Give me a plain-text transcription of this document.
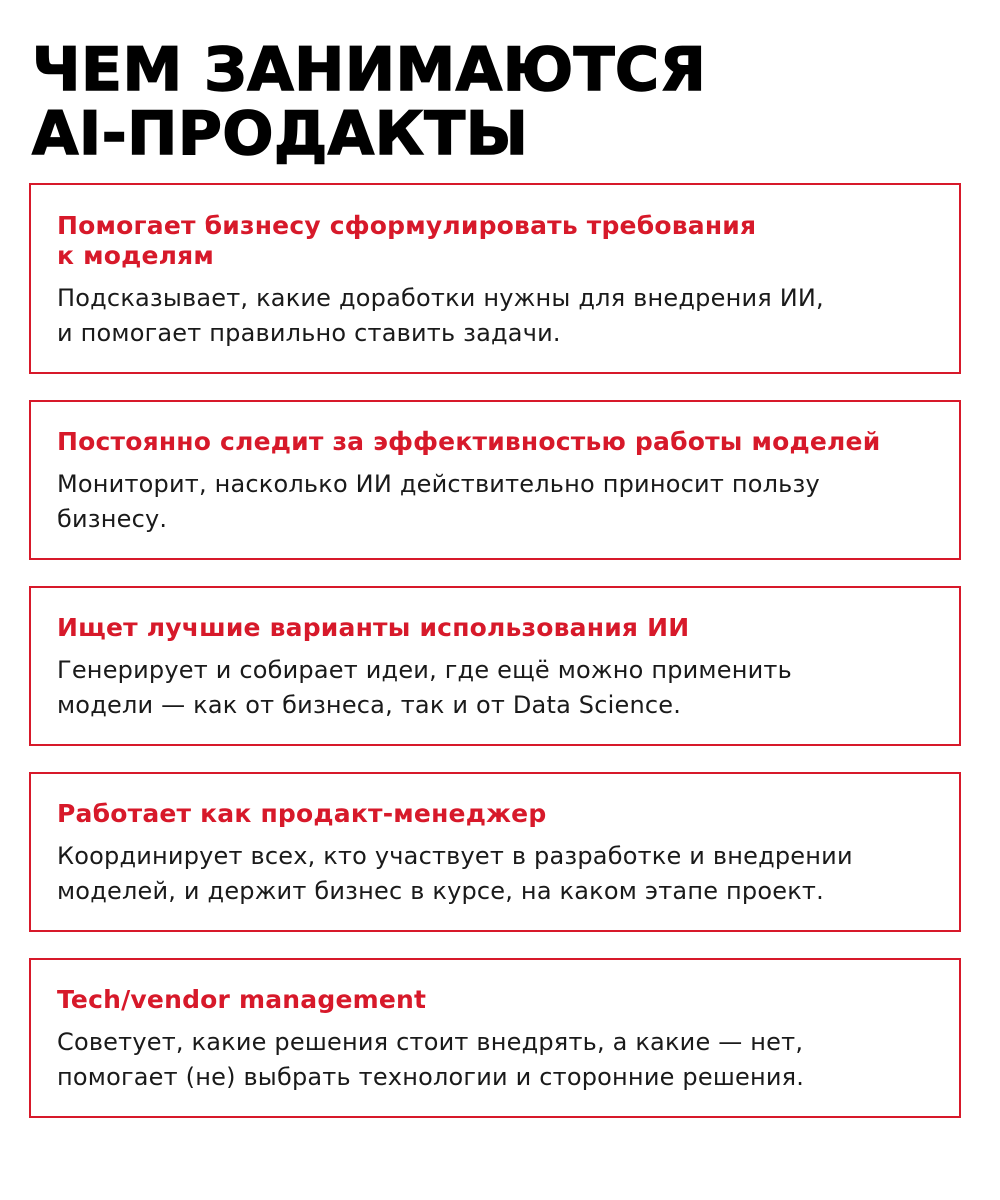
ЧЕМ ЗАНИМАЮТСЯ
AI-ПРОДАКТЫ

Помогает бизнесу сформулировать требования
к моделям

Подсказывает, какие доработки нужны для внедрения ИИ,
и помогает правильно ставить задачи.

Постоянно следит за эффективностью работы моделей

Мониторит, насколько ИИ действительно приносит пользу
бизнесу.

Ищет лучшие варианты использования ИИ

Генерирует и собирает идеи, где ещё можно применить
модели — как от бизнеса, так и от Data Science.

Работает как продакт-менеджер

Координирует всех, кто участвует в разработке и внедрении
моделей, и держит бизнес в курсе, на каком этапе проект.

Tech/vendor management

Советует, какие решения стоит внедрять, а какие — нет,
помогает (не) выбрать технологии и сторонние решения.
